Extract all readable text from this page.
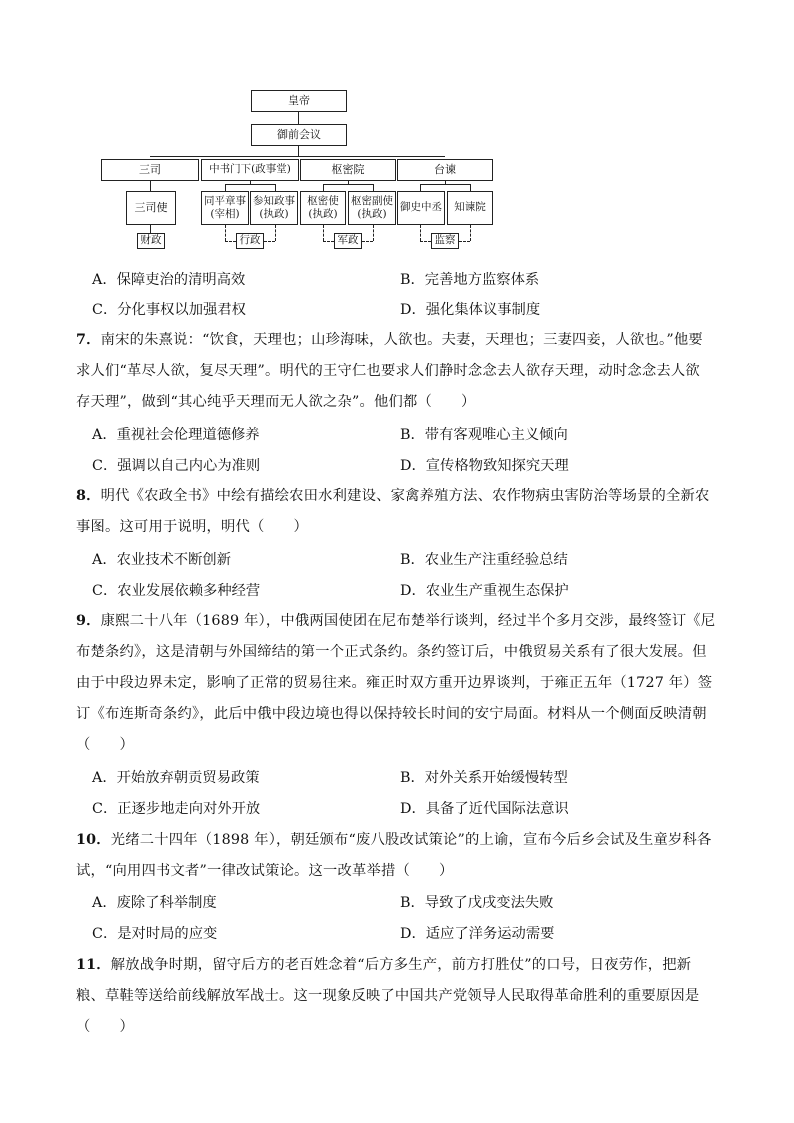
皇帝
御前会议
三司	中书门下(政事堂)	枢密院	台谏
三司使
同平章事
(宰相)
参知政事
(执政)
枢密使
(执政)
枢密副使
(执政)
御史中丞 知谏院
财政	行政	军政	监察
A．保障吏治的清明高效	B．完善地方监察体系
C．分化事权以加强君权	D．强化集体议事制度
7．南宋的朱熹说：“饮食，天理也；山珍海味，人欲也。夫妻，天理也；三妻四妾，人欲也。”他要
求人们“革尽人欲，复尽天理”。明代的王守仁也要求人们静时念念去人欲存天理，动时念念去人欲
存天理”，做到“其心纯乎天理而无人欲之杂”。他们都（　　）
A．重视社会伦理道德修养	B．带有客观唯心主义倾向
C．强调以自己内心为准则	D．宣传格物致知探究天理
8．明代《农政全书》中绘有描绘农田水利建设、家禽养殖方法、农作物病虫害防治等场景的全新农
事图。这可用于说明，明代（　　）
A．农业技术不断创新	B．农业生产注重经验总结
C．农业发展依赖多种经营	D．农业生产重视生态保护
9．康熙二十八年（1689 年），中俄两国使团在尼布楚举行谈判，经过半个多月交涉，最终签订《尼
布楚条约》，这是清朝与外国缔结的第一个正式条约。条约签订后，中俄贸易关系有了很大发展。但
由于中段边界未定，影响了正常的贸易往来。雍正时双方重开边界谈判，于雍正五年（1727 年）签
订《布连斯奇条约》，此后中俄中段边境也得以保持较长时间的安宁局面。材料从一个侧面反映清朝
（　　）
A．开始放弃朝贡贸易政策	B．对外关系开始缓慢转型
C．正逐步地走向对外开放	D．具备了近代国际法意识
10．光绪二十四年（1898 年），朝廷颁布“废八股改试策论”的上谕，宣布今后乡会试及生童岁科各
试，“向用四书文者”一律改试策论。这一改革举措（　　）
A．废除了科举制度	B．导致了戊戌变法失败
C．是对时局的应变	D．适应了洋务运动需要
11．解放战争时期，留守后方的老百姓念着“后方多生产，前方打胜仗”的口号，日夜劳作，把新
粮、草鞋等送给前线解放军战士。这一现象反映了中国共产党领导人民取得革命胜利的重要原因是
（　　）
